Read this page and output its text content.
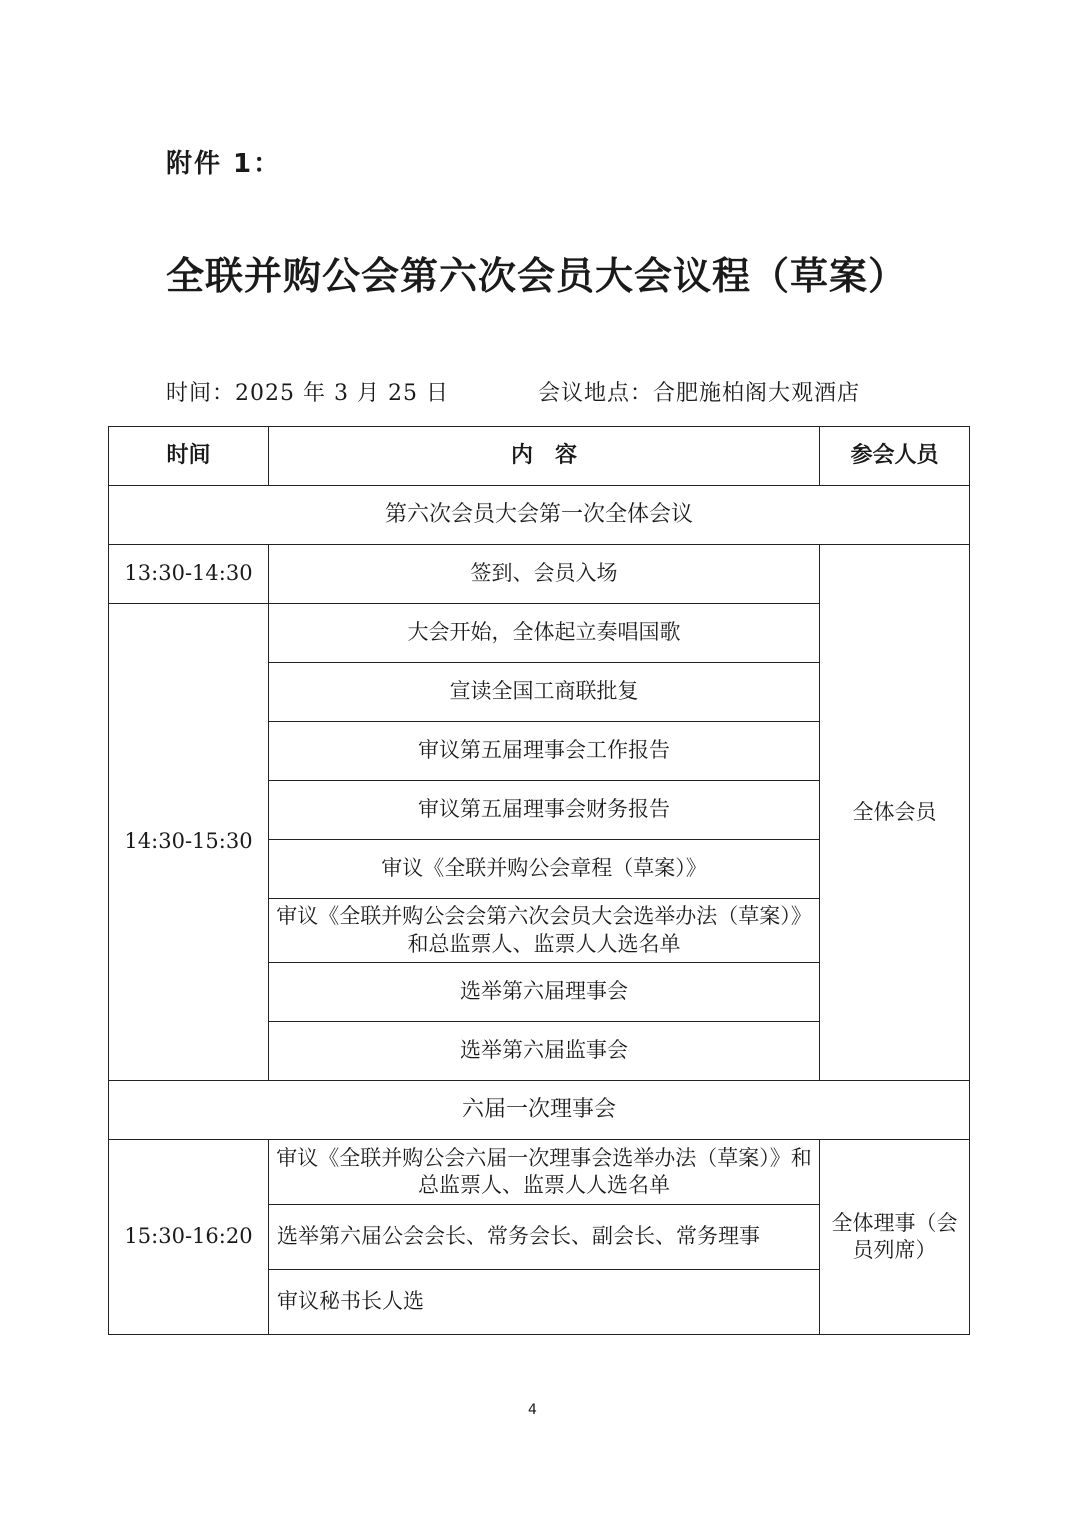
附件 1：
全联并购公会第六次会员大会议程（草案）
时间：2025 年 3 月 25 日	会议地点：合肥施柏阁大观酒店
时间	内　容	参会人员
第六次会员大会第一次全体会议		
13:30-14:30	签到、会员入场	全体会员
14:30-15:30	大会开始，全体起立奏唱国歌	
	宣读全国工商联批复	
	审议第五届理事会工作报告	
	审议第五届理事会财务报告	
	审议《全联并购公会章程（草案）》	
	审议《全联并购公会会第六次会员大会选举办法（草案）》和总监票人、监票人人选名单	
	选举第六届理事会	
	选举第六届监事会	
六届一次理事会		
15:30-16:20	审议《全联并购公会六届一次理事会选举办法（草案）》和总监票人、监票人人选名单	全体理事（会员列席）
	选举第六届公会会长、常务会长、副会长、常务理事	
	审议秘书长人选	
4
